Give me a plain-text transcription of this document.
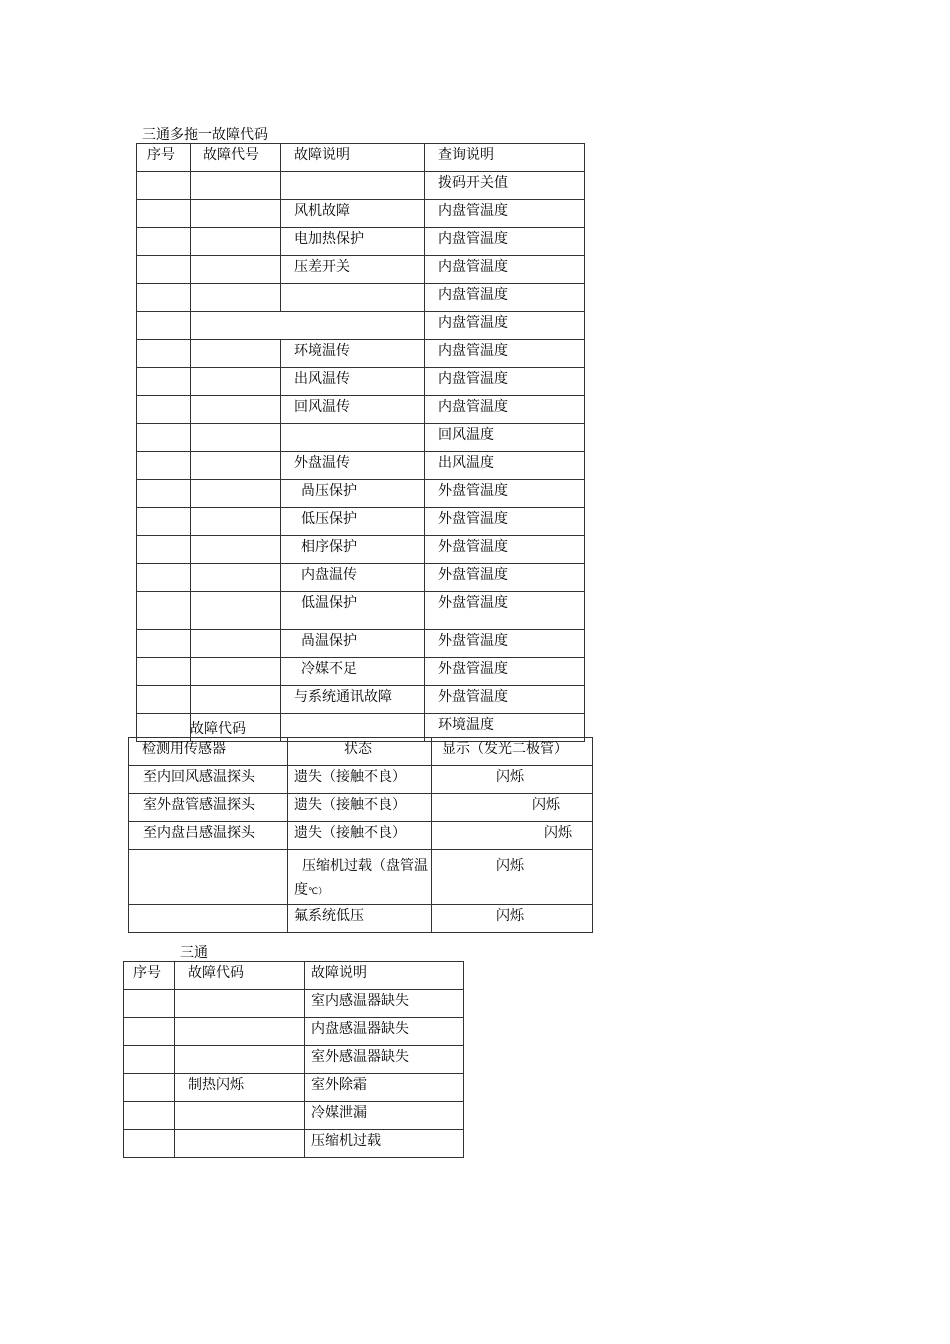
三通多拖一故障代码
序号	故障代号	故障说明	查询说明
			拨码开关值
		风机故障	内盘管温度
		电加热保护	内盘管温度
		压差开关	内盘管温度
			内盘管温度
			内盘管温度
		环境温传	内盘管温度
		出风温传	内盘管温度
		回风温传	内盘管温度
			回风温度
		外盘温传	出风温度
		咼压保护	外盘管温度
		低压保护	外盘管温度
		相序保护	外盘管温度
		内盘温传	外盘管温度
		低温保护	外盘管温度
		咼温保护	外盘管温度
		冷媒不足	外盘管温度
		与系统通讯故障	外盘管温度
			环境温度
故障代码
检测用传感器	状态	显示（发光二极管）
至内回风感温探头	遗失（接触不良）	闪烁
室外盘管感温探头	遗失（接触不良）	闪烁
至内盘吕感温探头	遗失（接触不良）	闪烁
	压缩机过载（盘管温度℃）	闪烁
	氟系统低压	闪烁
三通
序号	故障代码	故障说明
		室内感温器缺失
		内盘感温器缺失
		室外感温器缺失
	制热闪烁	室外除霜
		冷媒泄漏
		压缩机过载
